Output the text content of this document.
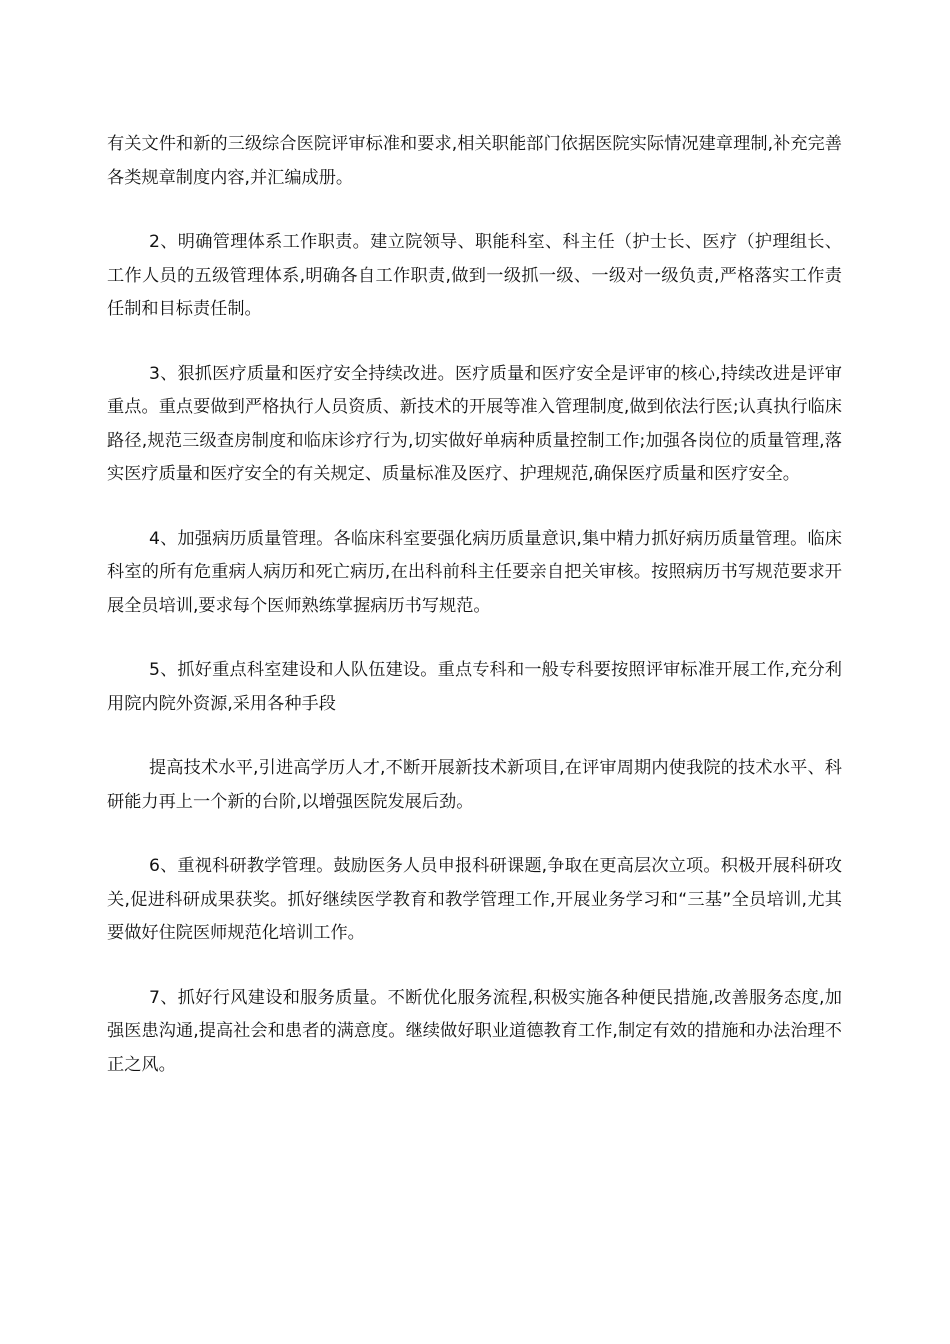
有关文件和新的三级综合医院评审标准和要求,相关职能部门依据医院实际情况建章理制,补充完善各类规章制度内容,并汇编成册。

2、明确管理体系工作职责。建立院领导、职能科室、科主任（护士长、医疗（护理组长、工作人员的五级管理体系,明确各自工作职责,做到一级抓一级、一级对一级负责,严格落实工作责任制和目标责任制。

3、狠抓医疗质量和医疗安全持续改进。医疗质量和医疗安全是评审的核心,持续改进是评审重点。重点要做到严格执行人员资质、新技术的开展等准入管理制度,做到依法行医;认真执行临床路径,规范三级查房制度和临床诊疗行为,切实做好单病种质量控制工作;加强各岗位的质量管理,落实医疗质量和医疗安全的有关规定、质量标准及医疗、护理规范,确保医疗质量和医疗安全。

4、加强病历质量管理。各临床科室要强化病历质量意识,集中精力抓好病历质量管理。临床科室的所有危重病人病历和死亡病历,在出科前科主任要亲自把关审核。按照病历书写规范要求开展全员培训,要求每个医师熟练掌握病历书写规范。

5、抓好重点科室建设和人队伍建设。重点专科和一般专科要按照评审标准开展工作,充分利用院内院外资源,采用各种手段

提高技术水平,引进高学历人才,不断开展新技术新项目,在评审周期内使我院的技术水平、科研能力再上一个新的台阶,以增强医院发展后劲。

6、重视科研教学管理。鼓励医务人员申报科研课题,争取在更高层次立项。积极开展科研攻关,促进科研成果获奖。抓好继续医学教育和教学管理工作,开展业务学习和“三基”全员培训,尤其要做好住院医师规范化培训工作。

7、抓好行风建设和服务质量。不断优化服务流程,积极实施各种便民措施,改善服务态度,加强医患沟通,提高社会和患者的满意度。继续做好职业道德教育工作,制定有效的措施和办法治理不正之风。
